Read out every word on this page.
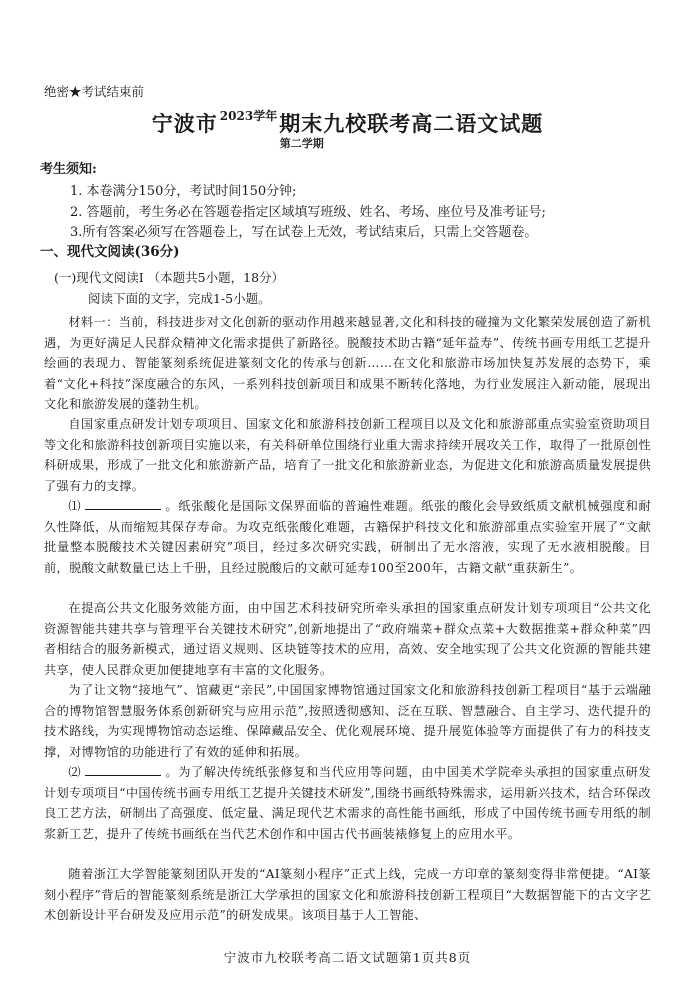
绝密★考试结束前
宁波市 $^{2023学年}$期末九校联考高二语文试题
第二学期
考生须知:
1. 本卷满分150分，考试时间150分钟;
2. 答题前，考生务必在答题卷指定区域填写班级、姓名、考场、座位号及准考证号;
3.所有答案必须写在答题卷上，写在试卷上无效，考试结束后，只需上交答题卷。
一、现代文阅读(36分)
(一)现代文阅读I （本题共5小题，18分）
阅读下面的文字，完成1-5小题。

材料一：当前，科技进步对文化创新的驱动作用越来越显著,文化和科技的碰撞为文化繁荣发展创造了新机遇，为更好满足人民群众精神文化需求提供了新路径。脱酸技术助古籍“延年益寿”、传统书画专用纸工艺提升绘画的表现力、智能篆刻系统促进篆刻文化的传承与创新……在文化和旅游市场加快复苏发展的态势下，乘着“文化+科技”深度融合的东风，一系列科技创新项目和成果不断转化落地，为行业发展注入新动能，展现出文化和旅游发展的蓬勃生机。

自国家重点研发计划专项项目、国家文化和旅游科技创新工程项目以及文化和旅游部重点实验室资助项目等文化和旅游科技创新项目实施以来，有关科研单位围绕行业重大需求持续开展攻关工作，取得了一批原创性科研成果，形成了一批文化和旅游新产品，培育了一批文化和旅游新业态，为促进文化和旅游高质量发展提供了强有力的支撑。

⑴	。纸张酸化是国际文保界面临的普遍性难题。纸张的酸化会导致纸质文献机械强度和耐久性降低，从而缩短其保存寿命。为攻克纸张酸化难题，古籍保护科技文化和旅游部重点实验室开展了“文献批量整本脱酸技术关键因素研究”项目，经过多次研究实践，研制出了无水溶液，实现了无水液相脱酸。目前，脱酸文献数量已达上千册，且经过脱酸后的文献可延寿100至200年，古籍文献“重获新生”。

在提高公共文化服务效能方面，由中国艺术科技研究所牵头承担的国家重点研发计划专项项目“公共文化资源智能共建共享与管理平台关键技术研究”,创新地提出了“政府端菜+群众点菜+大数据推菜+群众种菜”四者相结合的服务新模式，通过语义规则、区块链等技术的应用，高效、安全地实现了公共文化资源的智能共建共享，使人民群众更加便捷地享有丰富的文化服务。

为了让文物“接地气”、馆藏更“亲民”,中国国家博物馆通过国家文化和旅游科技创新工程项目“基于云端融合的博物馆智慧服务体系创新研究与应用示范”,按照透彻感知、泛在互联、智慧融合、自主学习、迭代提升的技术路线，为实现博物馆动态运维、保障藏品安全、优化观展环境、提升展览体验等方面提供了有力的科技支撑，对博物馆的功能进行了有效的延伸和拓展。

⑵	。为了解决传统纸张修复和当代应用等问题，由中国美术学院牵头承担的国家重点研发计划专项项目“中国传统书画专用纸工艺提升关键技术研发”,围绕书画纸特殊需求，运用新兴技术，结合环保改良工艺方法，研制出了高强度、低定量、满足现代艺术需求的高性能书画纸，形成了中国传统书画专用纸的制浆新工艺，提升了传统书画纸在当代艺术创作和中国古代书画装裱修复上的应用水平。

随着浙江大学智能篆刻团队开发的“AI篆刻小程序”正式上线，完成一方印章的篆刻变得非常便捷。“AI篆刻小程序”背后的智能篆刻系统是浙江大学承担的国家文化和旅游科技创新工程项目“大数据智能下的古文字艺术创新设计平台研发及应用示范”的研发成果。该项目基于人工智能、

宁波市九校联考高二语文试题第1页共8页
